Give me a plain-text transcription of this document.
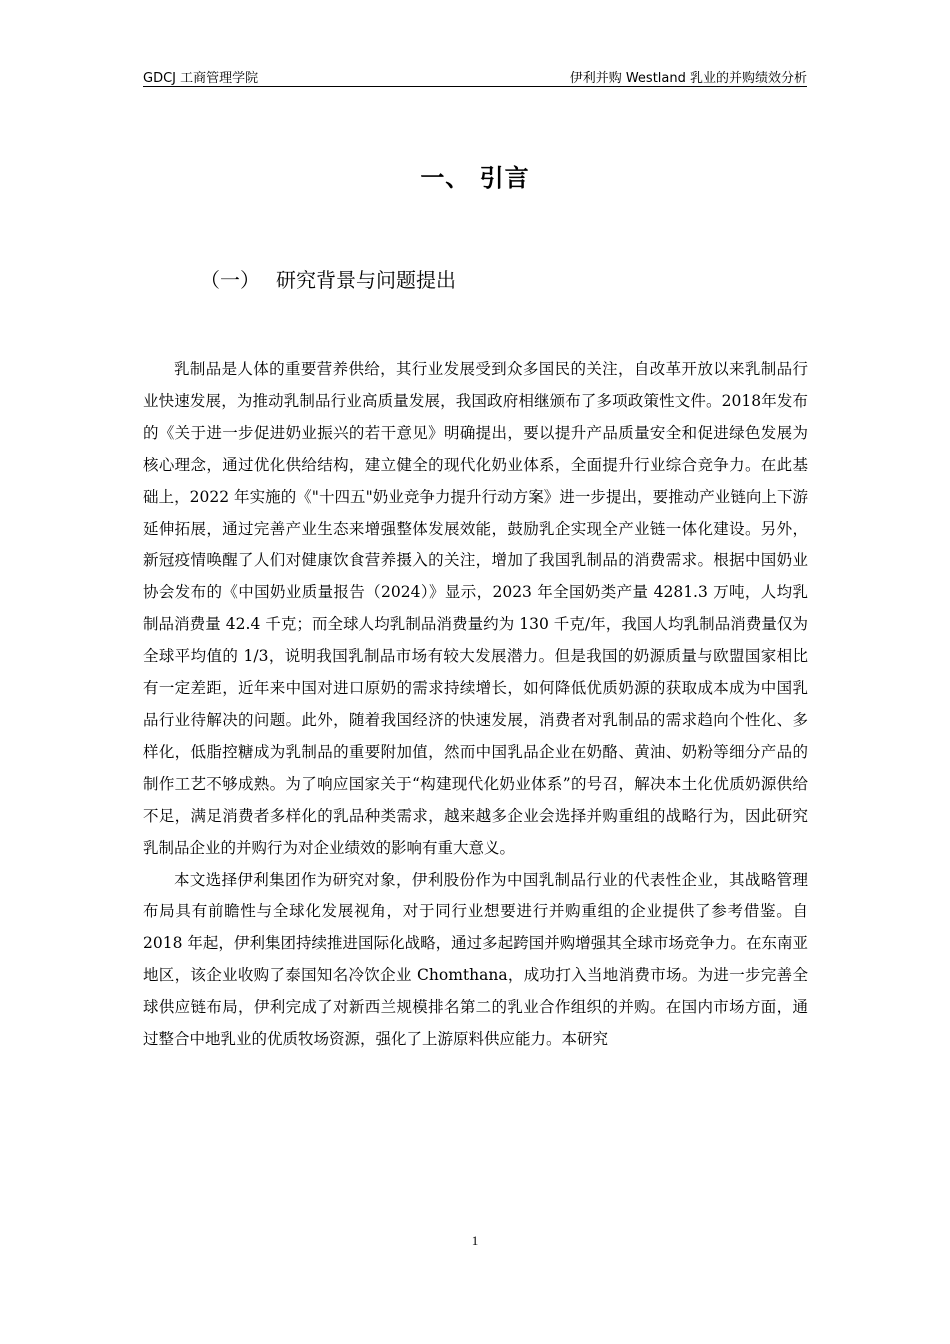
GDCJ 工商管理学院	伊利并购 Westland 乳业的并购绩效分析
一、 引言
（一） 研究背景与问题提出

乳制品是人体的重要营养供给，其行业发展受到众多国民的关注，自改革开放以来乳制品行业快速发展，为推动乳制品行业高质量发展，我国政府相继颁布了多项政策性文件。2018年发布的《关于进一步促进奶业振兴的若干意见》明确提出，要以提升产品质量安全和促进绿色发展为核心理念，通过优化供给结构，建立健全的现代化奶业体系，全面提升行业综合竞争力。在此基础上，2022 年实施的《"十四五"奶业竞争力提升行动方案》进一步提出，要推动产业链向上下游延伸拓展，通过完善产业生态来增强整体发展效能，鼓励乳企实现全产业链一体化建设。另外，新冠疫情唤醒了人们对健康饮食营养摄入的关注，增加了我国乳制品的消费需求。根据中国奶业协会发布的《中国奶业质量报告（2024）》显示，2023 年全国奶类产量 4281.3 万吨，人均乳制品消费量 42.4 千克；而全球人均乳制品消费量约为 130 千克/年，我国人均乳制品消费量仅为全球平均值的 1/3，说明我国乳制品市场有较大发展潜力。但是我国的奶源质量与欧盟国家相比有一定差距，近年来中国对进口原奶的需求持续增长，如何降低优质奶源的获取成本成为中国乳品行业待解决的问题。此外，随着我国经济的快速发展，消费者对乳制品的需求趋向个性化、多样化，低脂控糖成为乳制品的重要附加值，然而中国乳品企业在奶酪、黄油、奶粉等细分产品的制作工艺不够成熟。为了响应国家关于“构建现代化奶业体系”的号召，解决本土化优质奶源供给不足，满足消费者多样化的乳品种类需求，越来越多企业会选择并购重组的战略行为，因此研究乳制品企业的并购行为对企业绩效的影响有重大意义。

本文选择伊利集团作为研究对象，伊利股份作为中国乳制品行业的代表性企业，其战略管理布局具有前瞻性与全球化发展视角，对于同行业想要进行并购重组的企业提供了参考借鉴。自 2018 年起，伊利集团持续推进国际化战略，通过多起跨国并购增强其全球市场竞争力。在东南亚地区，该企业收购了泰国知名冷饮企业 Chomthana，成功打入当地消费市场。为进一步完善全球供应链布局，伊利完成了对新西兰规模排名第二的乳业合作组织的并购。在国内市场方面，通过整合中地乳业的优质牧场资源，强化了上游原料供应能力。本研究

1
